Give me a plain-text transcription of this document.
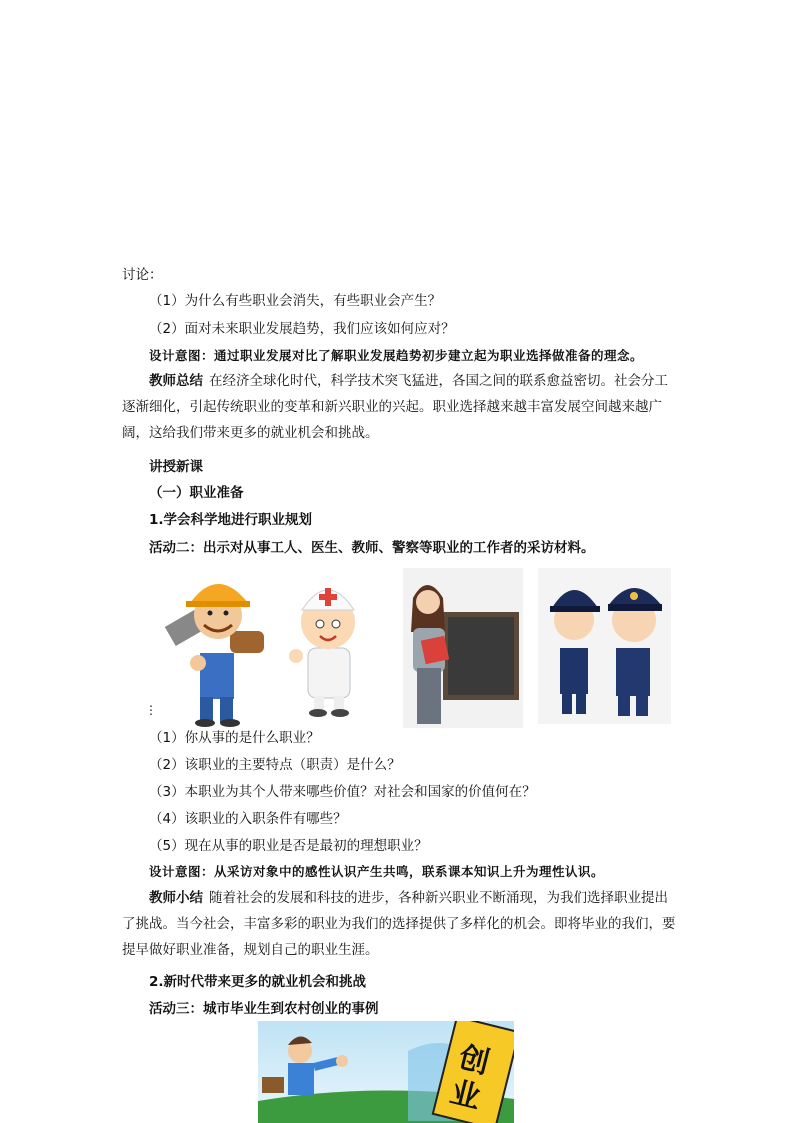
讨论：
（1）为什么有些职业会消失，有些职业会产生？
（2）面对未来职业发展趋势，我们应该如何应对？
设计意图：通过职业发展对比了解职业发展趋势初步建立起为职业选择做准备的理念。
教师总结 在经济全球化时代，科学技术突飞猛进，各国之间的联系愈益密切。社会分工逐渐细化，引起传统职业的变革和新兴职业的兴起。职业选择越来越丰富发展空间越来越广阔，这给我们带来更多的就业机会和挑战。
讲授新课
（一）职业准备
1.学会科学地进行职业规划
活动二：出示对从事工人、医生、教师、警察等职业的工作者的采访材料。
⋮
（1）你从事的是什么职业？
（2）该职业的主要特点（职责）是什么？
（3）本职业为其个人带来哪些价值？对社会和国家的价值何在？
（4）该职业的入职条件有哪些？
（5）现在从事的职业是否是最初的理想职业？
设计意图：从采访对象中的感性认识产生共鸣，联系课本知识上升为理性认识。
教师小结 随着社会的发展和科技的进步，各种新兴职业不断涌现，为我们选择职业提出了挑战。当今社会，丰富多彩的职业为我们的选择提供了多样化的机会。即将毕业的我们，要提早做好职业准备，规划自己的职业生涯。
2.新时代带来更多的就业机会和挑战
活动三：城市毕业生到农村创业的事例
创
业
